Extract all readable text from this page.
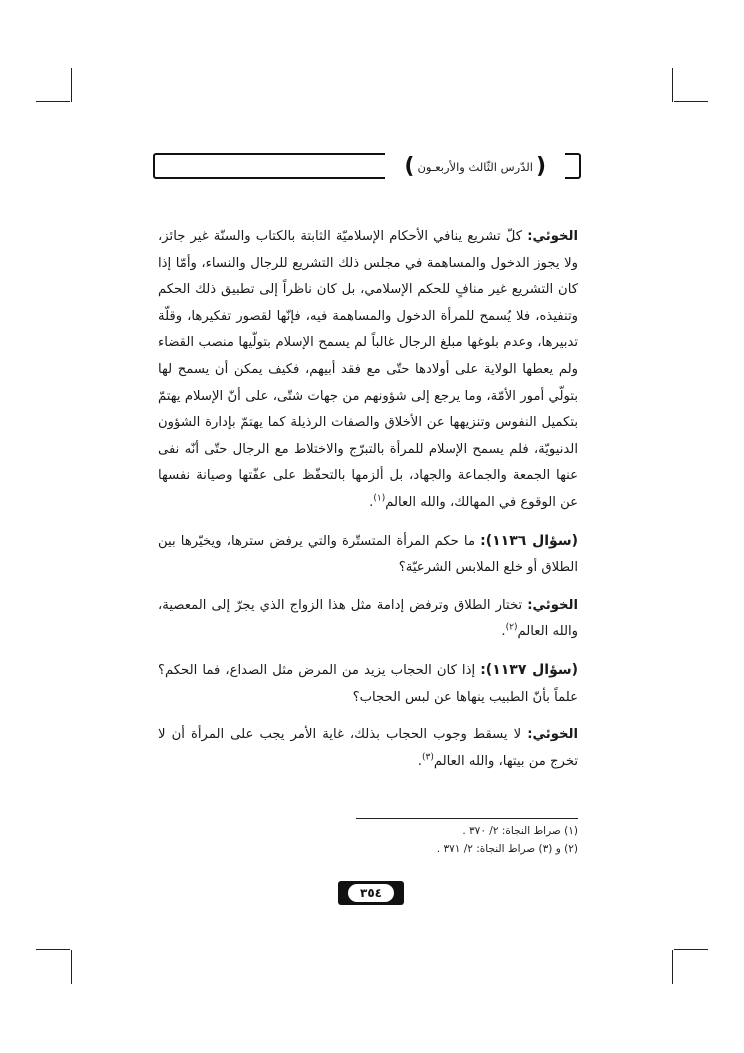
(
الدّرس الثّالث والأربعـون
)

الخوئي: كلّ تشريع ينافي الأحكام الإسلاميّة الثابتة بالكتاب والسنّة غير جائز، ولا يجوز الدخول والمساهمة في مجلس ذلك التشريع للرجال والنساء، وأمّا إذا كان التشريع غير منافٍ للحكم الإسلامي، بل كان ناظراً إلى تطبيق ذلك الحكم وتنفيذه، فلا يُسمح للمرأة الدخول والمساهمة فيه، فإنّها لقصور تفكيرها، وقلّة تدبيرها، وعدم بلوغها مبلغ الرجال غالباً لم يسمح الإسلام بتولّيها منصب القضاء ولم يعطها الولاية على أولادها حتّى مع فقد أبيهم، فكيف يمكن أن يسمح لها بتولّي أمور الأمّة، وما يرجع إلى شؤونهم من جهات شتّى، على أنّ الإسلام يهتمّ بتكميل النفوس وتنزيهها عن الأخلاق والصفات الرذيلة كما يهتمّ بإدارة الشؤون الدنيويّة، فلم يسمح الإسلام للمرأة بالتبرّج والاختلاط مع الرجال حتّى أنّه نفى عنها الجمعة والجماعة والجهاد، بل ألزمها بالتحفّظ على عفّتها وصيانة نفسها عن الوقوع في المهالك، والله العالم$^{(١)}$.

(سؤال ١١٣٦): ما حكم المرأة المتستّرة والتي يرفض سترها، ويخيّرها بين الطلاق أو خلع الملابس الشرعيّة؟

الخوئي: تختار الطلاق وترفض إدامة مثل هذا الزواج الذي يجرّ إلى المعصية، والله العالم$^{(٢)}$.

(سؤال ١١٣٧): إذا كان الحجاب يزيد من المرض مثل الصداع، فما الحكم؟ علماً بأنّ الطبيب ينهاها عن لبس الحجاب؟

الخوئي: لا يسقط وجوب الحجاب بذلك، غاية الأمر يجب على المرأة أن لا تخرج من بيتها، والله العالم$^{(٣)}$.

(١) صراط النجاة: ٢/ ٣٧٠ .
(٢) و (٣) صراط النجاة: ٢/ ٣٧١ .
٣٥٤
